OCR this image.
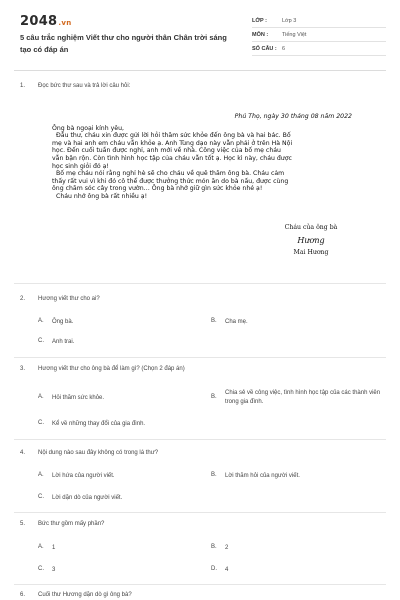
2048.vn
5 câu trắc nghiệm Viết thư cho người thân Chân trời sáng tạo có đáp án
LỚP :	Lớp 3
MÔN :	Tiếng Việt
SỐ CÂU : 6
1. Đọc bức thư sau và trả lời câu hỏi:
Phú Thọ, ngày 30 tháng 08 năm 2022
Ông bà ngoại kính yêu,
Đầu thư, cháu xin được gửi lời hỏi thăm sức khỏe đến ông bà và hai bác. Bố
mẹ và hai anh em cháu vẫn khỏe ạ. Anh Tùng dạo này vẫn phải ở trên Hà Nội
học. Đến cuối tuần được nghỉ, anh mới về nhà. Công việc của bố mẹ cháu
vẫn bận rộn. Còn tình hình học tập của cháu vẫn tốt ạ. Học kì này, cháu được
học sinh giỏi đó ạ!
Bố mẹ cháu nói rằng nghỉ hè sẽ cho cháu về quê thăm ông bà. Cháu cảm
thấy rất vui vì khi đó cô thể được thưởng thức món ăn do bà nấu, được cùng
ông chăm sóc cây trong vườn… Ông bà nhớ giữ gìn sức khỏe nhé ạ!
Cháu nhớ ông bà rất nhiều ạ!
Cháu của ông bà
Hương
Mai Hương
2. Hương viết thư cho ai?
A.	Ông bà.	B.	Cha mẹ.
C.	Anh trai.
3. Hương viết thư cho ông bà để làm gì? (Chọn 2 đáp án)
A.	Hỏi thăm sức khỏe.	B.
Chia sẻ về công việc, tình hình học tập của các thành viên trong gia đình.
C.	Kể về những thay đổi của gia đình.
4. Nội dung nào sau đây không có trong lá thư?
A.	Lời hứa của người viết.	B.	Lời thăm hỏi của người viết.
C.	Lời dặn dò của người viết.
5. Bức thư gồm mấy phần?
A.	1	B.	2
C.	3	D.	4
6. Cuối thư Hương dặn dò gì ông bà?
